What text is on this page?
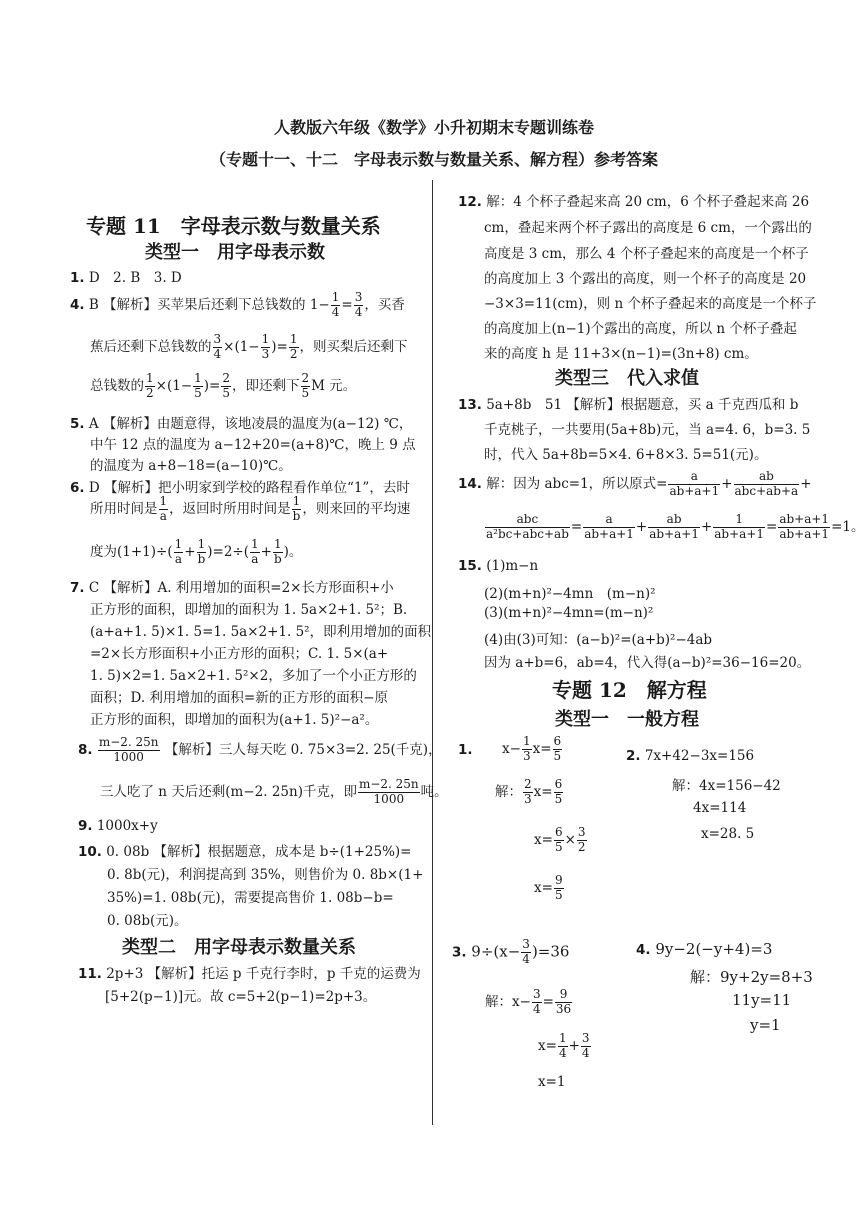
人教版六年级《数学》小升初期末专题训练卷
（专题十一、十二　字母表示数与数量关系、解方程）参考答案
专题 11　字母表示数与数量关系
类型一　用字母表示数
1. D　2. B　3. D
4. B 【解析】买苹果后还剩下总钱数的 $1- \frac{1}{4} = \frac{3}{4}$ ，买香
蕉后还剩下总钱数的 $\frac{3}{4} \times(1- \frac{1}{3}$ )= $\frac{1}{2}$ ，则买梨后还剩下
总钱数的 $\frac{1}{2} \times(1- \frac{1}{5}$ )= $\frac{2}{5}$ ，即还剩下 $\frac{2}{5}$ M 元。
5. A 【解析】由题意得，该地凌晨的温度为(a−12) ℃，
中午 12 点的温度为 a−12+20=(a+8)℃，晚上 9 点
的温度为 a+8−18=(a−10)℃。
6. D 【解析】把小明家到学校的路程看作单位“1”，去时
所用时间是 $\frac{1}{a}$ ，返回时所用时间是 $\frac{1}{b}$ ，则来回的平均速
度为$(1+1)\div( \frac{1}{a} + \frac{1}{b} )=2\div( \frac{1}{a} + \frac{1}{b}$ )。
7. C 【解析】A. 利用增加的面积=2×长方形面积+小
正方形的面积，即增加的面积为 1. 5a×2+1. 5²；B.
(a+a+1. 5)×1. 5=1. 5a×2+1. 5²，即利用增加的面积
=2×长方形面积+小正方形的面积；C. 1. 5×(a+
1. 5)×2=1. 5a×2+1. 5²×2，多加了一个小正方形的
面积；D. 利用增加的面积=新的正方形的面积−原
正方形的面积，即增加的面积为(a+1. 5)²−a²。
8. $\frac{m-2. 25n}{1000}$ 【解析】三人每天吃 0. 75×3=2. 25(千克)，
三人吃了 n 天后还剩(m−2. 25n)千克，即 $\frac{m-2. 25n}{1000}$ 吨。
9. 1000x+y
10. 0. 08b 【解析】根据题意，成本是 b÷(1+25%)=
0. 8b(元)，利润提高到 35%，则售价为 0. 8b×(1+
35%)=1. 08b(元)，需要提高售价 1. 08b−b=
0. 08b(元)。
类型二　用字母表示数量关系
11. 2p+3 【解析】托运 p 千克行李时，p 千克的运费为
[5+2(p−1)]元。故 c=5+2(p−1)=2p+3。
12. 解：4 个杯子叠起来高 20 cm，6 个杯子叠起来高 26
cm，叠起来两个杯子露出的高度是 6 cm，一个露出的
高度是 3 cm，那么 4 个杯子叠起来的高度是一个杯子
的高度加上 3 个露出的高度，则一个杯子的高度是 20
−3×3=11(cm)，则 n 个杯子叠起来的高度是一个杯子
的高度加上(n−1)个露出的高度，所以 n 个杯子叠起
来的高度 h 是 11+3×(n−1)=(3n+8) cm。
类型三　代入求值
13. 5a+8b　51 【解析】根据题意，买 a 千克西瓜和 b
千克桃子，一共要用(5a+8b)元，当 a=4. 6，b=3. 5
时，代入 5a+8b=5×4. 6+8×3. 5=51(元)。
14. 解：因为 abc=1，所以原式= $\frac{a}{ab+a+1} + \frac{ab}{\text{abc+ab+a}}$ +
$\frac{\text{abc}}{\text{a²bc+abc+ab}} = \frac{a}{ab+a+1} + \frac{ab}{ab+a+1} + \frac{1}{ab+a+1} = \frac{ab+a+1}{ab+a+1} =1$。
15. (1)m−n
(2)(m+n)²−4mn　(m−n)²
(3)(m+n)²−4mn=(m−n)²
(4)由(3)可知：(a−b)²=(a+b)²−4ab
因为 a+b=6，ab=4，代入得(a−b)²=36−16=20。
专题 12　解方程
类型一　一般方程
1. $x- \frac{1}{3} x= \frac{6}{5}$
解： $\frac{2}{3} x= \frac{6}{5}$
$x= \frac{6}{5} \times \frac{3}{2}$
$x= \frac{9}{5}$
2. 7x+42−3x=156
解：4x=156−42
4x=114
x=28. 5
3. $9\div(x- \frac{3}{4} )=36$
解：$x- \frac{3}{4} = \frac{9}{36}$
$x= \frac{1}{4} + \frac{3}{4}$
x=1
4. 9y−2(−y+4)=3
解：9y+2y=8+3
11y=11
y=1
